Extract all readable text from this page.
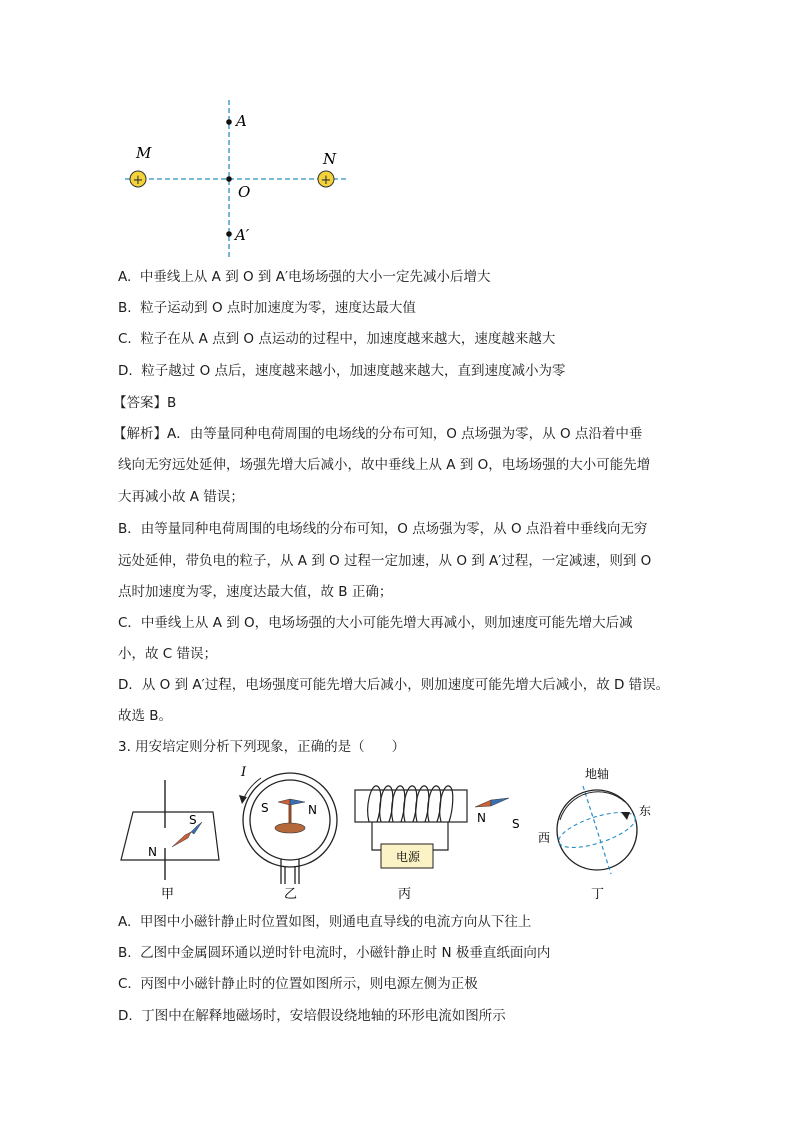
+	+
A
M	N
O
A′
A. 中垂线上从 A 到 O 到 A′电场场强的大小一定先减小后增大
B. 粒子运动到 O 点时加速度为零，速度达最大值
C. 粒子在从 A 点到 O 点运动的过程中，加速度越来越大，速度越来越大
D. 粒子越过 O 点后，速度越来越小，加速度越来越大，直到速度减小为零
【答案】B
【解析】A．由等量同种电荷周围的电场线的分布可知，O 点场强为零，从 O 点沿着中垂
线向无穷远处延伸，场强先增大后减小，故中垂线上从 A 到 O，电场场强的大小可能先增
大再减小故 A 错误；
B．由等量同种电荷周围的电场线的分布可知，O 点场强为零，从 O 点沿着中垂线向无穷
远处延伸，带负电的粒子，从 A 到 O 过程一定加速，从 O 到 A′过程，一定减速，则到 O
点时加速度为零，速度达最大值，故 B 正确；
C．中垂线上从 A 到 O，电场场强的大小可能先增大再减小，则加速度可能先增大后减
小，故 C 错误；
D．从 O 到 A′过程，电场强度可能先增大后减小，则加速度可能先增大后减小，故 D 错误。
故选 B。
3. 用安培定则分析下列现象，正确的是（　　）
S
N
甲
I
S	N
乙
电源
N S
丙
地轴
东
西
丁
A. 甲图中小磁针静止时位置如图，则通电直导线的电流方向从下往上
B. 乙图中金属圆环通以逆时针电流时，小磁针静止时 N 极垂直纸面向内
C. 丙图中小磁针静止时的位置如图所示，则电源左侧为正极
D. 丁图中在解释地磁场时，安培假设绕地轴的环形电流如图所示
